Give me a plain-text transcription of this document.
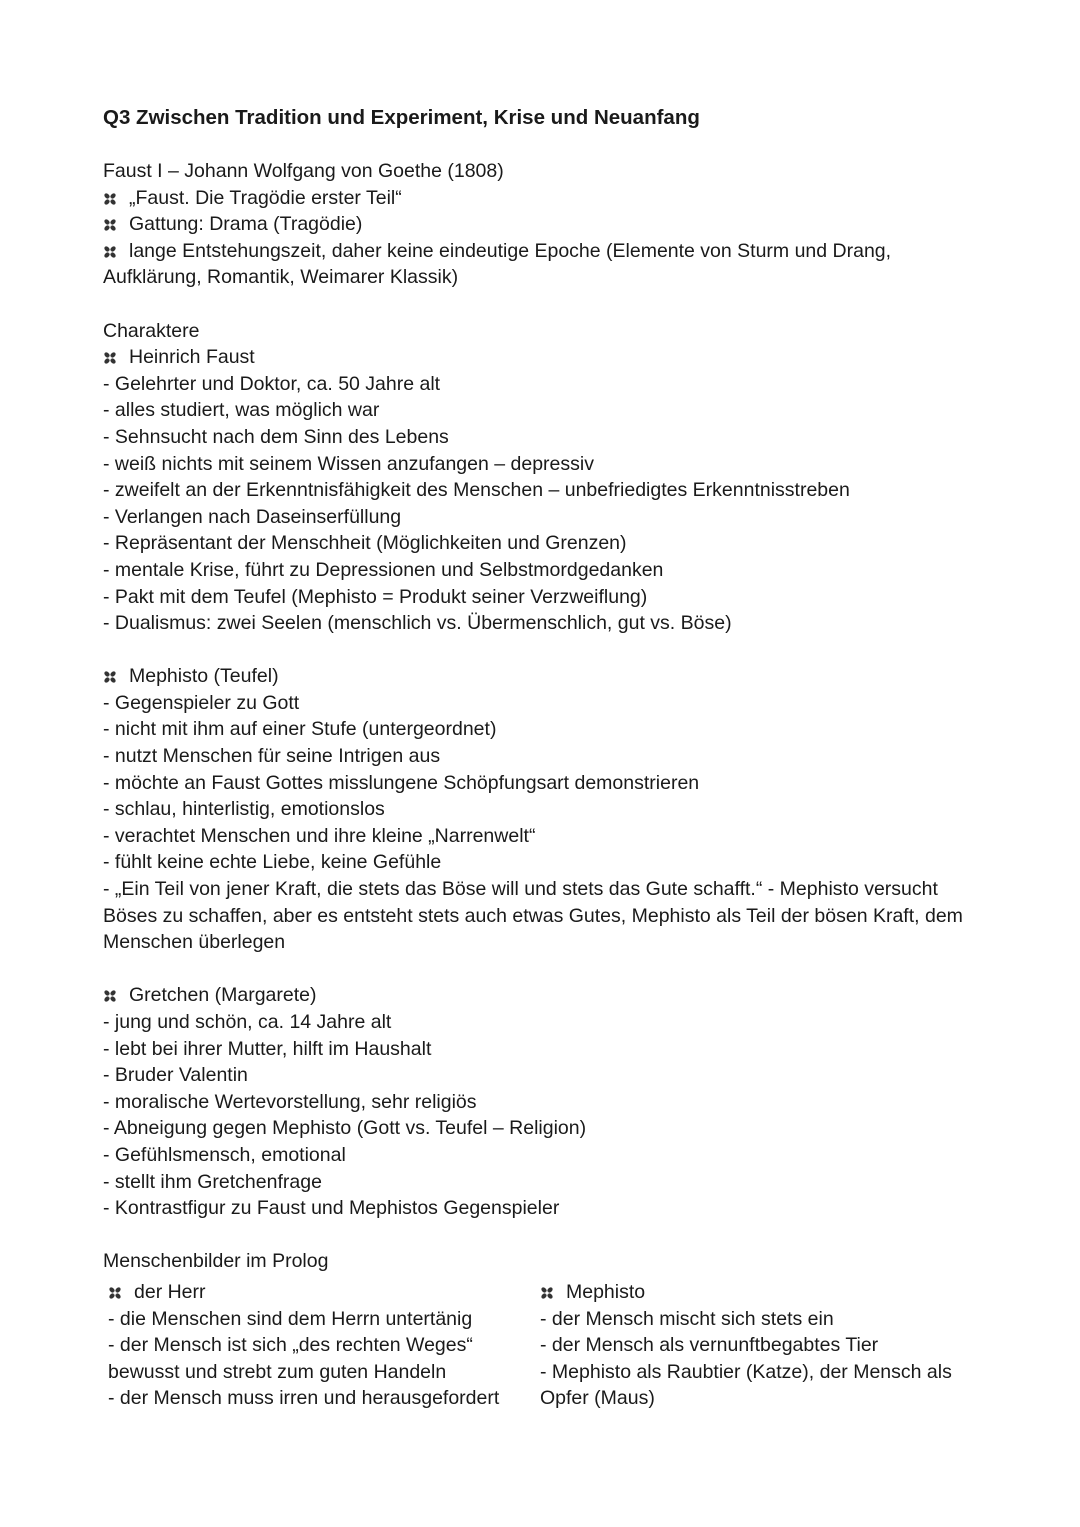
Q3 Zwischen Tradition und Experiment, Krise und Neuanfang

Faust I – Johann Wolfgang von Goethe (1808)

„Faust. Die Tragödie erster Teil“

Gattung: Drama (Tragödie)

lange Entstehungszeit, daher keine eindeutige Epoche (Elemente von Sturm und Drang, Aufklärung, Romantik, Weimarer Klassik)

Charaktere

Heinrich Faust

- Gelehrter und Doktor, ca. 50 Jahre alt

- alles studiert, was möglich war

- Sehnsucht nach dem Sinn des Lebens

- weiß nichts mit seinem Wissen anzufangen – depressiv

- zweifelt an der Erkenntnisfähigkeit des Menschen – unbefriedigtes Erkenntnisstreben

- Verlangen nach Daseinserfüllung

- Repräsentant der Menschheit (Möglichkeiten und Grenzen)

- mentale Krise, führt zu Depressionen und Selbstmordgedanken

- Pakt mit dem Teufel (Mephisto = Produkt seiner Verzweiflung)

- Dualismus: zwei Seelen (menschlich vs. Übermenschlich, gut vs. Böse)

Mephisto (Teufel)

- Gegenspieler zu Gott

- nicht mit ihm auf einer Stufe (untergeordnet)

- nutzt Menschen für seine Intrigen aus

- möchte an Faust Gottes misslungene Schöpfungsart demonstrieren

- schlau, hinterlistig, emotionslos

- verachtet Menschen und ihre kleine „Narrenwelt“

- fühlt keine echte Liebe, keine Gefühle

- „Ein Teil von jener Kraft, die stets das Böse will und stets das Gute schafft.“ - Mephisto versucht Böses zu schaffen, aber es entsteht stets auch etwas Gutes, Mephisto als Teil der bösen Kraft, dem Menschen überlegen

Gretchen (Margarete)

- jung und schön, ca. 14 Jahre alt

- lebt bei ihrer Mutter, hilft im Haushalt

- Bruder Valentin

- moralische Wertevorstellung, sehr religiös

- Abneigung gegen Mephisto (Gott vs. Teufel – Religion)

- Gefühlsmensch, emotional

- stellt ihm Gretchenfrage

- Kontrastfigur zu Faust und Mephistos Gegenspieler

Menschenbilder im Prolog

der Herr

- die Menschen sind dem Herrn untertänig

- der Mensch ist sich „des rechten Weges“

bewusst und strebt zum guten Handeln

- der Mensch muss irren und herausgefordert

Mephisto

- der Mensch mischt sich stets ein

- der Mensch als vernunftbegabtes Tier

- Mephisto als Raubtier (Katze), der Mensch als

Opfer (Maus)
